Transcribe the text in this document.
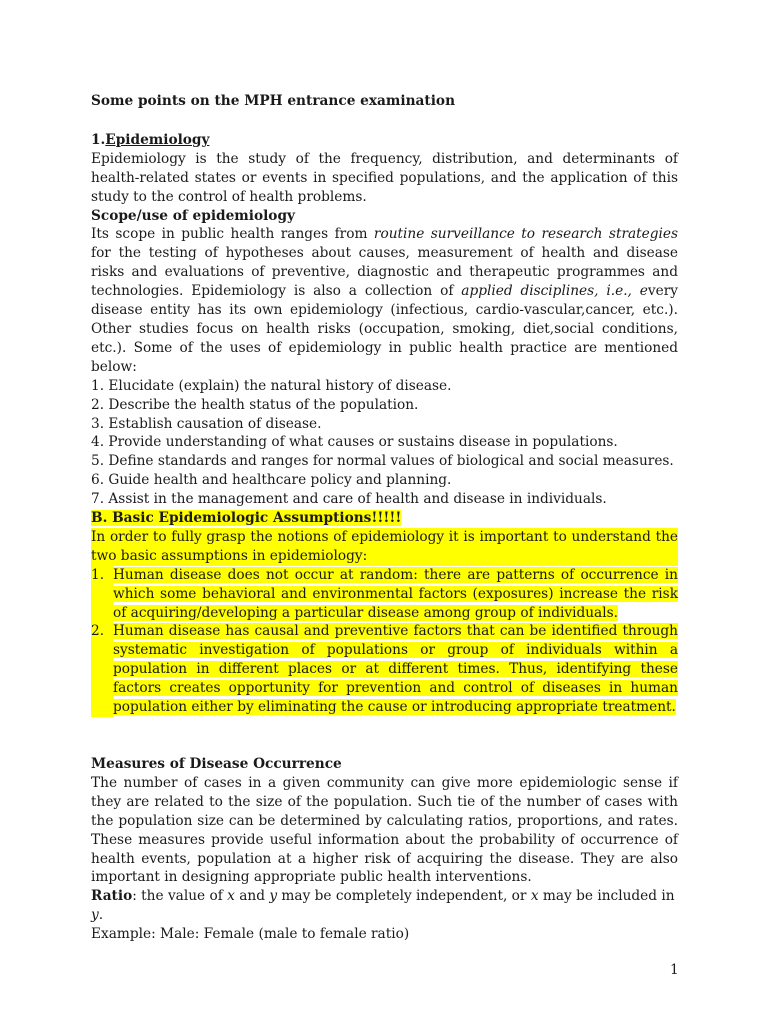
Some points on the MPH entrance examination

1.Epidemiology

Epidemiology is the study of the frequency, distribution, and determinants of health-related states or events in specified populations, and the application of this study to the control of health problems.

Scope/use of epidemiology

Its scope in public health ranges from routine surveillance to research strategies for the testing of hypotheses about causes, measurement of health and disease risks and evaluations of preventive, diagnostic and therapeutic programmes and technologies. Epidemiology is also a collection of applied disciplines, i.e., every disease entity has its own epidemiology (infectious, cardio-vascular,cancer, etc.). Other studies focus on health risks (occupation, smoking, diet,social conditions, etc.). Some of the uses of epidemiology in public health practice are mentioned below:

1. Elucidate (explain) the natural history of disease.

2. Describe the health status of the population.

3. Establish causation of disease.

4. Provide understanding of what causes or sustains disease in populations.

5. Define standards and ranges for normal values of biological and social measures.

6. Guide health and healthcare policy and planning.

7. Assist in the management and care of health and disease in individuals.

B. Basic Epidemiologic Assumptions!!!!!

In order to fully grasp the notions of epidemiology it is important to understand the two basic assumptions in epidemiology:

1. Human disease does not occur at random: there are patterns of occurrence in which some behavioral and environmental factors (exposures) increase the risk of acquiring/developing a particular disease among group of individuals.
2. Human disease has causal and preventive factors that can be identified through systematic investigation of populations or group of individuals within a population in different places or at different times. Thus, identifying these factors creates opportunity for prevention and control of diseases in human population either by eliminating the cause or introducing appropriate treatment.

Measures of Disease Occurrence

The number of cases in a given community can give more epidemiologic sense if they are related to the size of the population. Such tie of the number of cases with the population size can be determined by calculating ratios, proportions, and rates. These measures provide useful information about the probability of occurrence of health events, population at a higher risk of acquiring the disease. They are also important in designing appropriate public health interventions.

Ratio: the value of x and y may be completely independent, or x may be included in y.

Example: Male: Female (male to female ratio)

1
